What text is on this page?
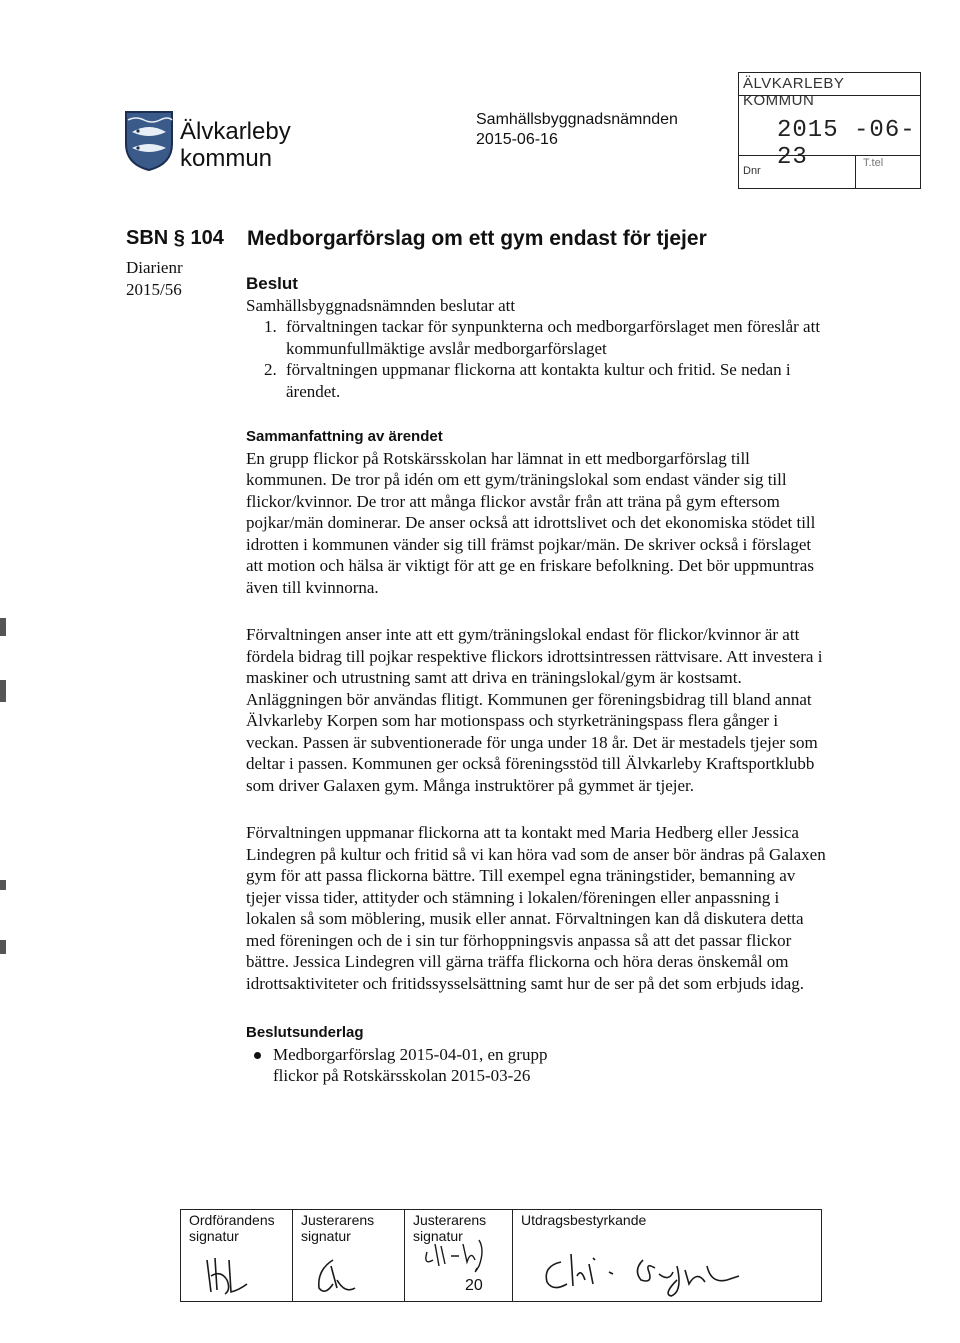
Älvkarleby
kommun
Samhällsbyggnadsnämnden
2015-06-16
ÄLVKARLEBY KOMMUN
2015 -06- 23
Dnr
T.tel
SBN § 104 Medborgarförslag om ett gym endast för tjejer
Diarienr
2015/56	Beslut

Samhällsbyggnadsnämnden beslutar att

1. förvaltningen tackar för synpunkterna och medborgarförslaget men föreslår att kommunfullmäktige avslår medborgarförslaget
2. förvaltningen uppmanar flickorna att kontakta kultur och fritid. Se nedan i ärendet.
Sammanfattning av ärendet

En grupp flickor på Rotskärsskolan har lämnat in ett medborgarförslag till kommunen. De tror på idén om ett gym/träningslokal som endast vänder sig till flickor/kvinnor. De tror att många flickor avstår från att träna på gym eftersom pojkar/män dominerar. De anser också att idrottslivet och det ekonomiska stödet till idrotten i kommunen vänder sig till främst pojkar/män. De skriver också i förslaget att motion och hälsa är viktigt för att ge en friskare befolkning. Det bör uppmuntras även till kvinnorna.

Förvaltningen anser inte att ett gym/träningslokal endast för flickor/kvinnor är att fördela bidrag till pojkar respektive flickors idrottsintressen rättvisare. Att investera i maskiner och utrustning samt att driva en träningslokal/gym är kostsamt. Anläggningen bör användas flitigt. Kommunen ger föreningsbidrag till bland annat Älvkarleby Korpen som har motionspass och styrketräningspass flera gånger i veckan. Passen är subventionerade för unga under 18 år. Det är mestadels tjejer som deltar i passen. Kommunen ger också föreningsstöd till Älvkarleby Kraftsportklubb som driver Galaxen gym. Många instruktörer på gymmet är tjejer.

Förvaltningen uppmanar flickorna att ta kontakt med Maria Hedberg eller Jessica Lindegren på kultur och fritid så vi kan höra vad som de anser bör ändras på Galaxen gym för att passa flickorna bättre. Till exempel egna träningstider, bemanning av tjejer vissa tider, attityder och stämning i lokalen/föreningen eller anpassning i lokalen så som möblering, musik eller annat. Förvaltningen kan då diskutera detta med föreningen och de i sin tur förhoppningsvis anpassa så att det passar flickor bättre. Jessica Lindegren vill gärna träffa flickorna och höra deras önskemål om idrottsaktiviteter och fritidssysselsättning samt hur de ser på det som erbjuds idag.

Beslutsunderlag
Medborgarförslag 2015-04-01, en grupp flickor på Rotskärsskolan 2015-03-26
Ordförandens
signatur
Justerarens
signatur
Justerarens
signatur
20
Utdragsbestyrkande
